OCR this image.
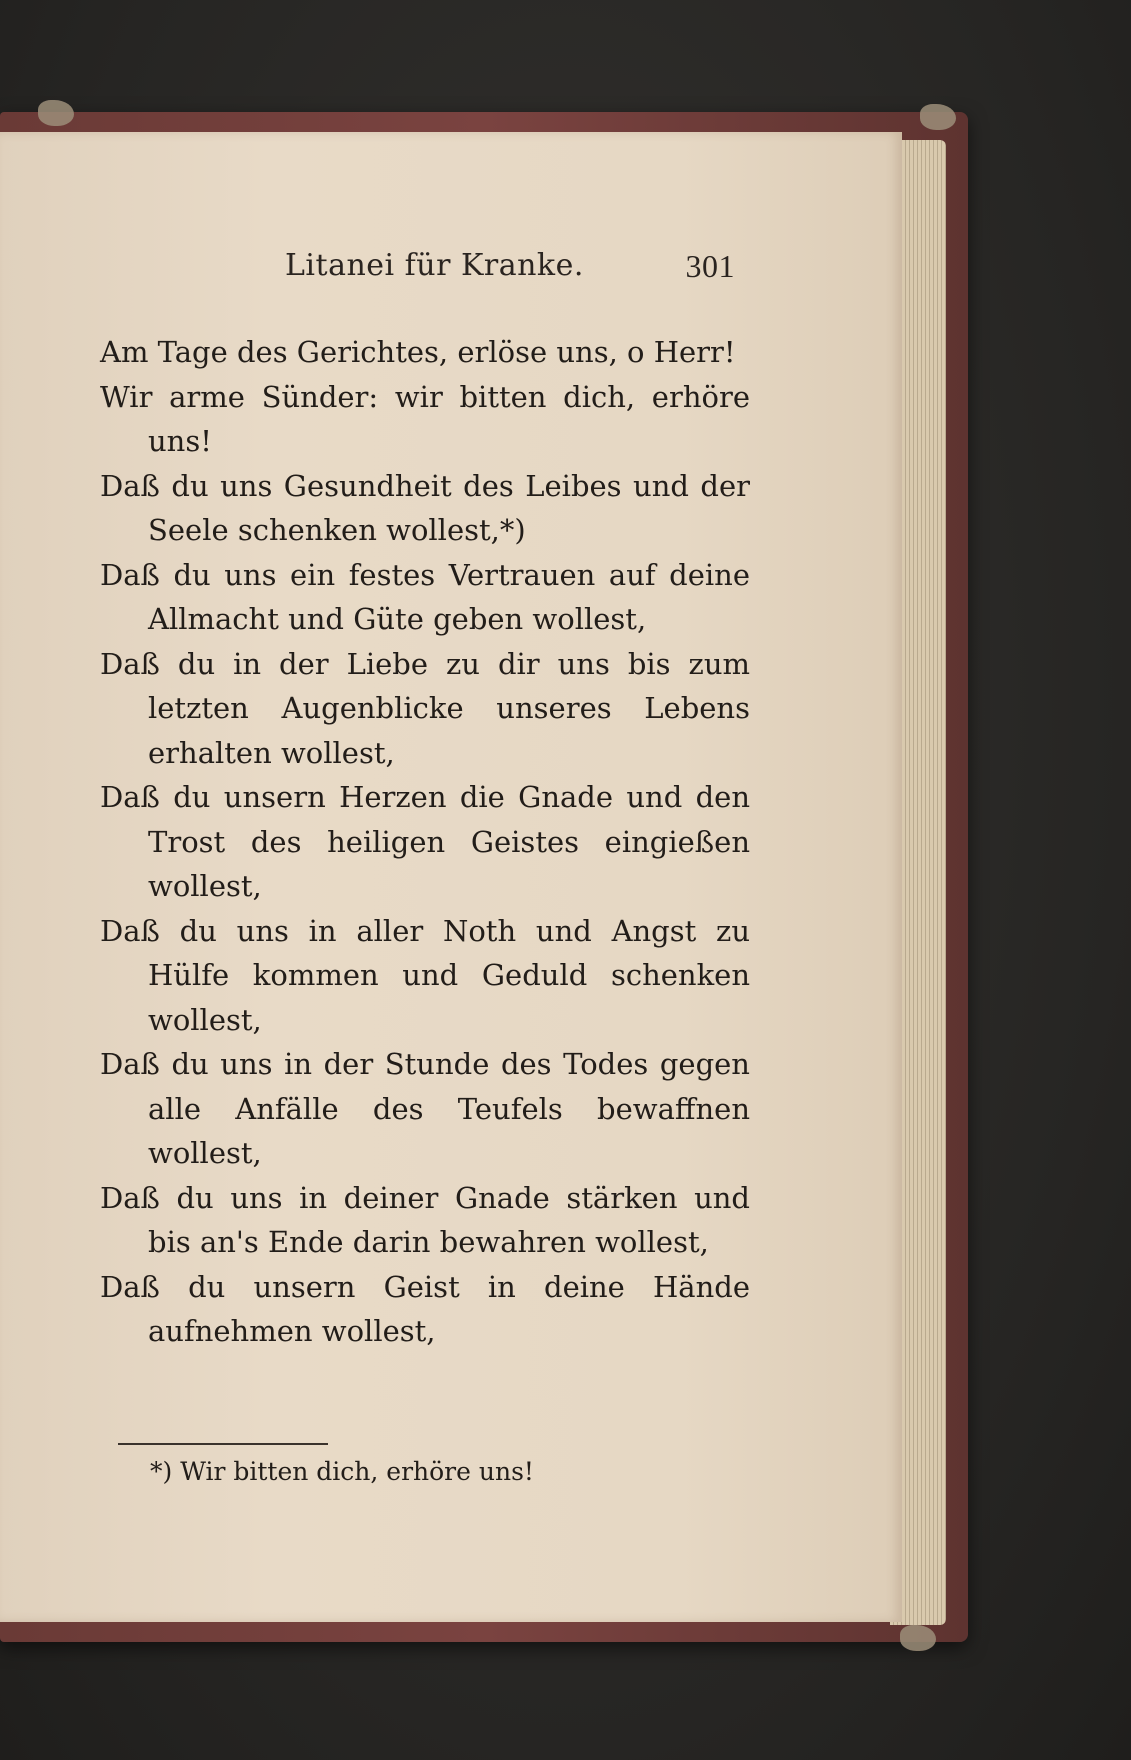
Litanei für Kranke.	301

Am Tage des Gerichtes, erlöse uns, o Herr!

Wir arme Sünder: wir bitten dich, erhöre uns!

Daß du uns Gesundheit des Leibes und der Seele schenken wollest,*)

Daß du uns ein festes Vertrauen auf deine Allmacht und Güte geben wollest,

Daß du in der Liebe zu dir uns bis zum letzten Augenblicke unseres Lebens erhalten wollest,

Daß du unsern Herzen die Gnade und den Trost des heiligen Geistes eingießen wollest,

Daß du uns in aller Noth und Angst zu Hülfe kommen und Geduld schenken wollest,

Daß du uns in der Stunde des Todes gegen alle Anfälle des Teufels bewaffnen wollest,

Daß du uns in deiner Gnade stärken und bis an's Ende darin bewahren wollest,

Daß du unsern Geist in deine Hände aufnehmen wollest,

*) Wir bitten dich, erhöre uns!
